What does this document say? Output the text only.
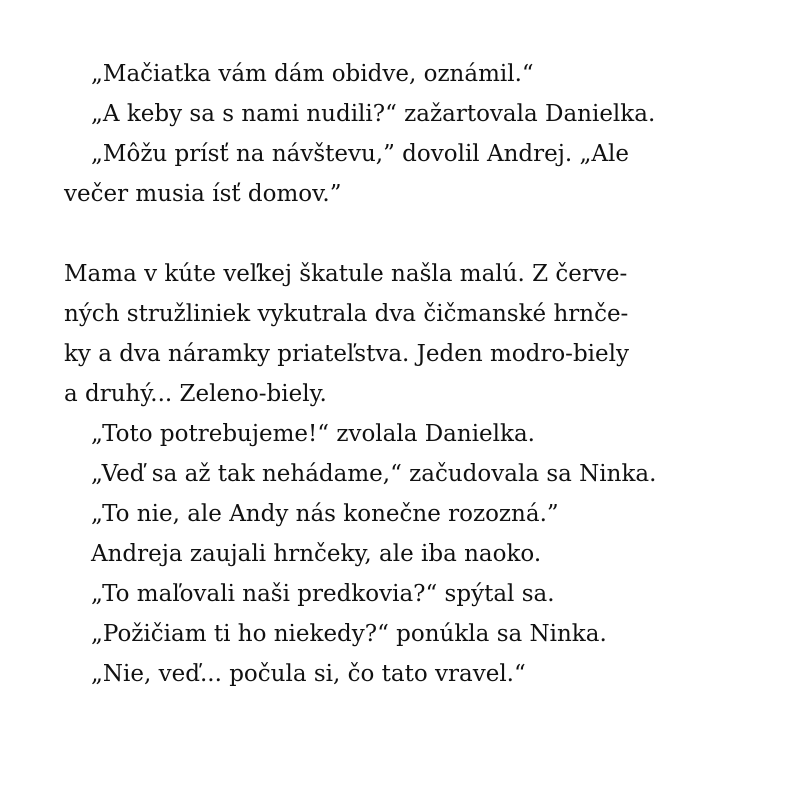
„Mačiatka vám dám obidve, oznámil.“
„A keby sa s nami nudili?“ zažartovala Danielka.
„Môžu prísť na návštevu,” dovolil Andrej. „Ale
večer musia ísť domov.”
Mama v kúte veľkej škatule našla malú. Z červe-
ných stružliniek vykutrala dva čičmanské hrnče-
ky a dva náramky priateľstva. Jeden modro-biely
a druhý... Zeleno-biely.
„Toto potrebujeme!“ zvolala Danielka.
„Veď sa až tak nehádame,“ začudovala sa Ninka.
„To nie, ale Andy nás konečne rozozná.”
Andreja zaujali hrnčeky, ale iba naoko.
„To maľovali naši predkovia?“ spýtal sa.
„Požičiam ti ho niekedy?“ ponúkla sa Ninka.
„Nie, veď... počula si, čo tato vravel.“
